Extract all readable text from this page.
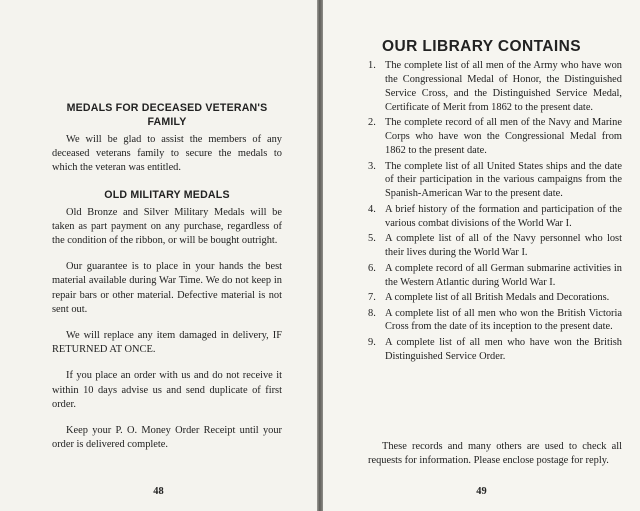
MEDALS FOR DECEASED VETERAN'S FAMILY

We will be glad to assist the members of any deceased veterans family to secure the medals to which the veteran was entitled.

OLD MILITARY MEDALS

Old Bronze and Silver Military Medals will be taken as part payment on any purchase, regardless of the condition of the ribbon, or will be bought outright.

Our guarantee is to place in your hands the best material available during War Time. We do not keep in repair bars or other material. Defective material is not sent out.

We will replace any item damaged in delivery, IF RETURNED AT ONCE.

If you place an order with us and do not receive it within 10 days advise us and send duplicate of first order.

Keep your P. O. Money Order Receipt until your order is delivered complete.

48
OUR LIBRARY CONTAINS
1. The complete list of all men of the Army who have won the Congressional Medal of Honor, the Distinguished Service Cross, and the Distinguished Service Medal, Certificate of Merit from 1862 to the present date.
2. The complete record of all men of the Navy and Marine Corps who have won the Congressional Medal from 1862 to the present date.
3. The complete list of all United States ships and the date of their participation in the various campaigns from the Spanish-American War to the present date.
4. A brief history of the formation and participation of the various combat divisions of the World War I.
5. A complete list of all of the Navy personnel who lost their lives during the World War I.
6. A complete record of all German submarine activities in the Western Atlantic during World War I.
7. A complete list of all British Medals and Decorations.
8. A complete list of all men who won the British Victoria Cross from the date of its inception to the present date.
9. A complete list of all men who have won the British Distinguished Service Order.

These records and many others are used to check all requests for information. Please enclose postage for reply.

49
